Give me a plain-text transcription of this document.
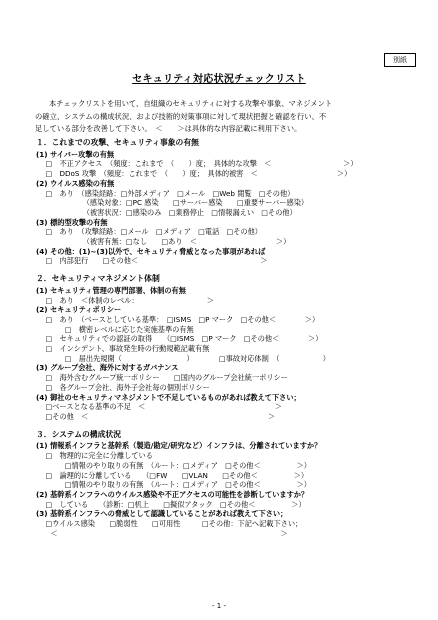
別紙
セキュリティ対応状況チェックリスト

本チェックリストを用いて、自組織のセキュリティに対する攻撃や事象、マネジメント

の確立、システムの構成状況、および技術的対策事項に対して現状把握と確認を行い、不

足している部分を改善して下さい。　＜　　＞は具体的な内容記載に利用下さい。

１．これまでの攻撃、セキュリティ事象の有無
(1) サイバー攻撃の有無
　 □　不正アクセス　（頻度：これまで　（　　）度；　具体的な攻撃　＜　　　　　　　　　　＞）
　 □　DDoS 攻撃　（頻度：これまで　（　　）度；　具体的被害　＜　　　　　　　　　　　＞）
(2) ウイルス感染の有無
　 □　あり　（感染経路：□外部メディア　□メール　□Web 閲覧　□その他）
　　　　　　　（感染対象：□PC 感染　　□サーバー感染　　□重要サーバー感染）
　　　　　　　（被害状況：□感染のみ　□業務停止　□情報漏えい　□その他）
(3) 標的型攻撃の有無
　 □　あり　（攻撃経路：□メール　□メディア　□電話　□その他）
　　　　　　　（被害有無：□なし　　□あり　＜　　　　　　　　　　　＞）
(4) その他：(1)~(3)以外で、セキュリティ脅威となった事項があれば
　 □　内部犯行　　□その他＜　　　　　　　　　　　　　　　　　＞
２．セキュリティマネジメント体制
(1) セキュリティ管理の専門部署、体制の有無
　 □　あり　＜体制のレベル：　　　　　　　　　　＞
(2) セキュリティポリシー
　 □　あり　（ベースとしている基準：　□ISMS　□P マーク　□その他＜　　　　＞）
　　　　□　横密レベルに応じた実施基準の有無
　 □　セキュリティでの認証の取得　　（□ISMS　□P マーク　□その他＜　　　　＞）
　 □　インシデント、事故発生時の行動規範記載有無
　　　　□　届出先規開（　　　　　　　　　）　　　　□事故対応体制　（　　　　　　）
(3) グループ会社、海外に対するガバナンス
　 □　海外含むグループ統一ポリシー　　□国内のグループ会社統一ポリシー
　 □　各グループ会社、海外子会社毎の個別ポリシー
(4) 御社のセキュリティマネジメントで不足しているものがあれば教えて下さい；
　 □ベースとなる基準の不足　＜　　　　　　　　　　　　　　　　　　＞
　 □その他　＜　　　　　　　　　　　　　　　　　　　　　　　　　＞
３．システムの構成状況
(1) 情報系インフラと基幹系（製造/勘定/研究など）インフラは、分離されていますか？
　 □　物理的に完全に分離している
　　　　□情報のやり取りの有無　（ルート：□メディア　□その他＜　　　　　＞）
　 □　論理的に分離している　　（□FW　　□VLAN　　□その他＜　　　　　＞）
　　　　□情報のやり取りの有無　（ルート：□メディア　□その他＜　　　　　＞）
(2) 基幹系インフラへのウイルス感染や不正アクセスの可能性を診断していますか？
　 □　している　　（診断：□机上　　□擬似アタック　□その他＜　　　　　＞）
(3) 基幹系インフラへの脅威として認識していることがあれば教えて下さい；
　 □ウイルス感染　　□脆弱性　　□可用性　　　□その他：下記へ記載下さい；
　　＜　　　　　　　　　　　　　　　　　　　　　　　　　　　　　　　＞
- 1 -
